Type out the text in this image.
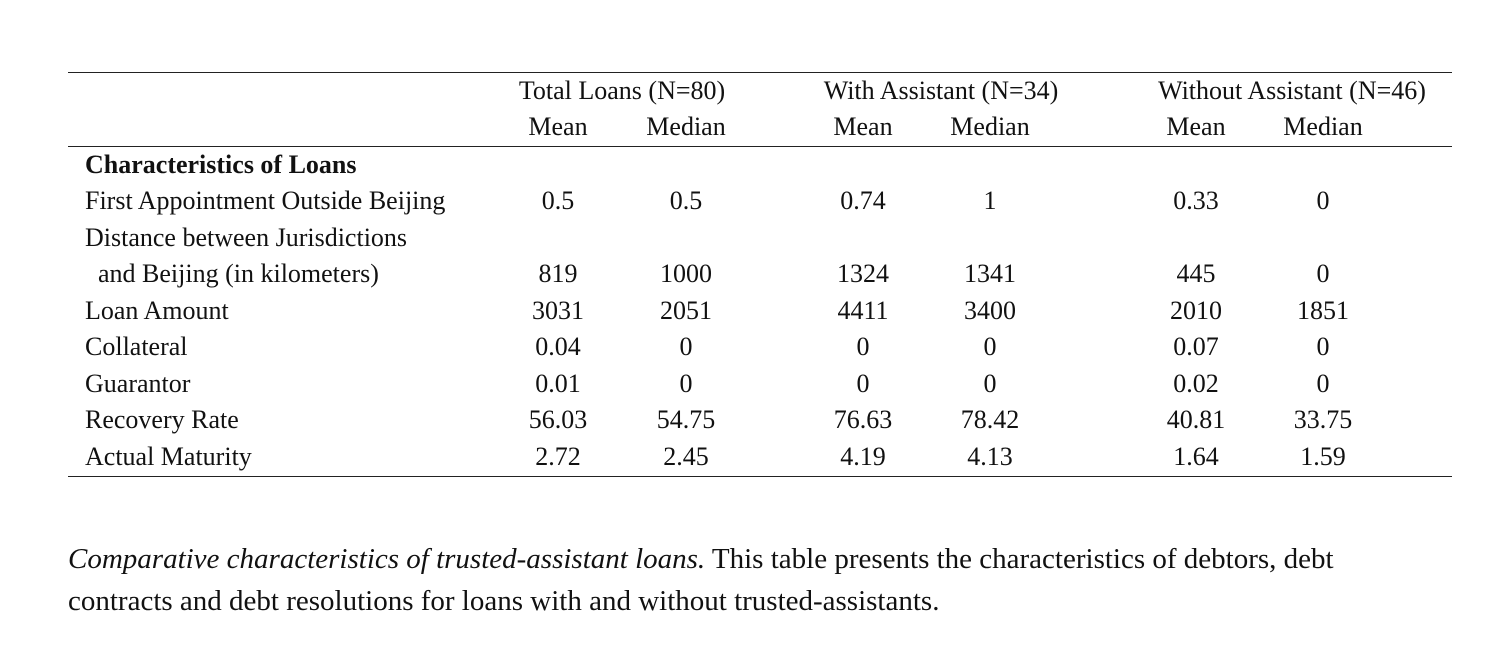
Total Loans (N=80)	With Assistant (N=34)	Without Assistant (N=46)
Mean Median	Mean Median	Mean Median
Characteristics of Loans
First Appointment Outside Beijing	0.5	0.5	0.74	1	0.33	0
Distance between Jurisdictions
and Beijing (in kilometers)	819	1000	1324	1341	445	0
Loan Amount	3031	2051	4411	3400	2010	1851
Collateral	0.04	0	0	0	0.07	0
Guarantor	0.01	0	0	0	0.02	0
Recovery Rate	56.03	54.75	76.63	78.42	40.81	33.75
Actual Maturity	2.72	2.45	4.19	4.13	1.64	1.59
Comparative characteristics of trusted-assistant loans. This table presents the characteristics of debtors, debt contracts and debt resolutions for loans with and without trusted-assistants.
